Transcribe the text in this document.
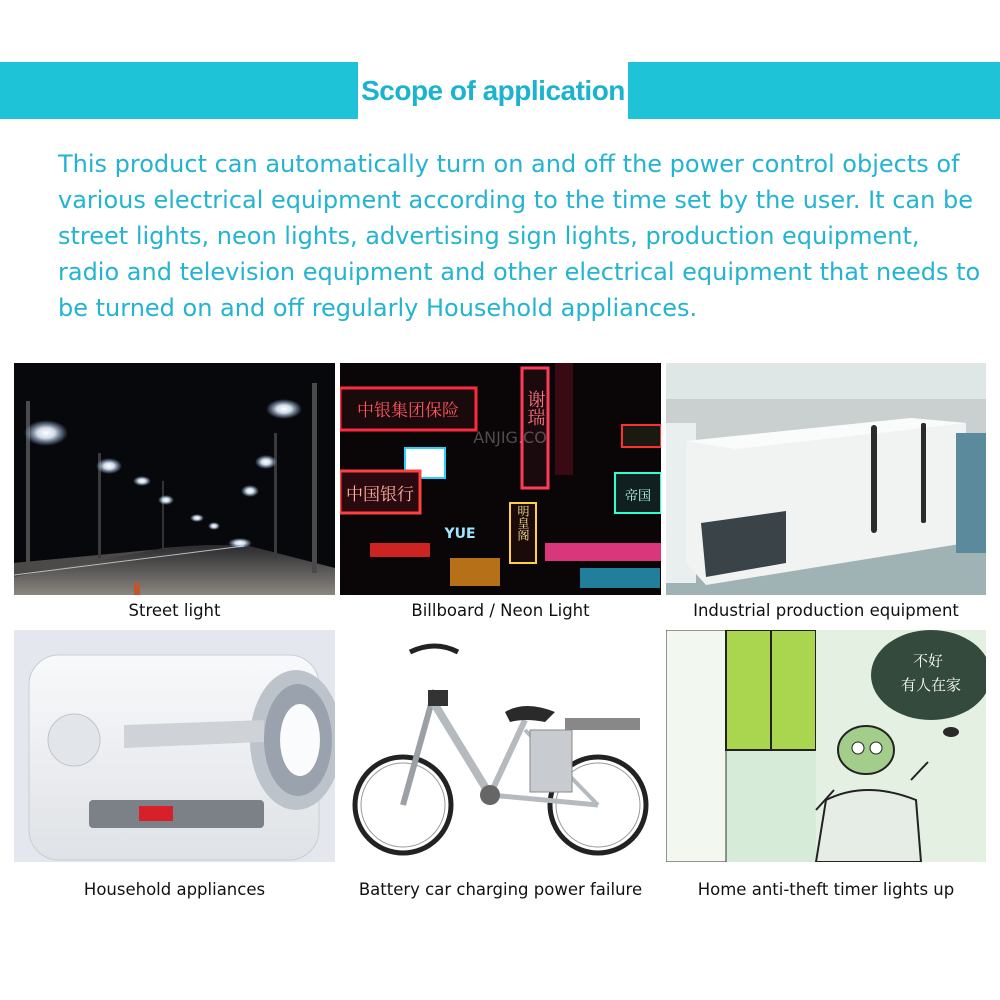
Scope of application

This product can automatically turn on and off the power control objects of various electrical equipment according to the time set by the user. It can be street lights, neon lights, advertising sign lights, production equipment, radio and television equipment and other electrical equipment that needs to be turned on and off regularly Household appliances.

Street light
中银集团保险
中国银行
谢瑞
帝国
明皇阁
YUE
ANJIG.CO
Billboard / Neon Light	Industrial production equipment
Household appliances	Battery car charging power failure
不好
有人在家
Home anti-theft timer lights up
